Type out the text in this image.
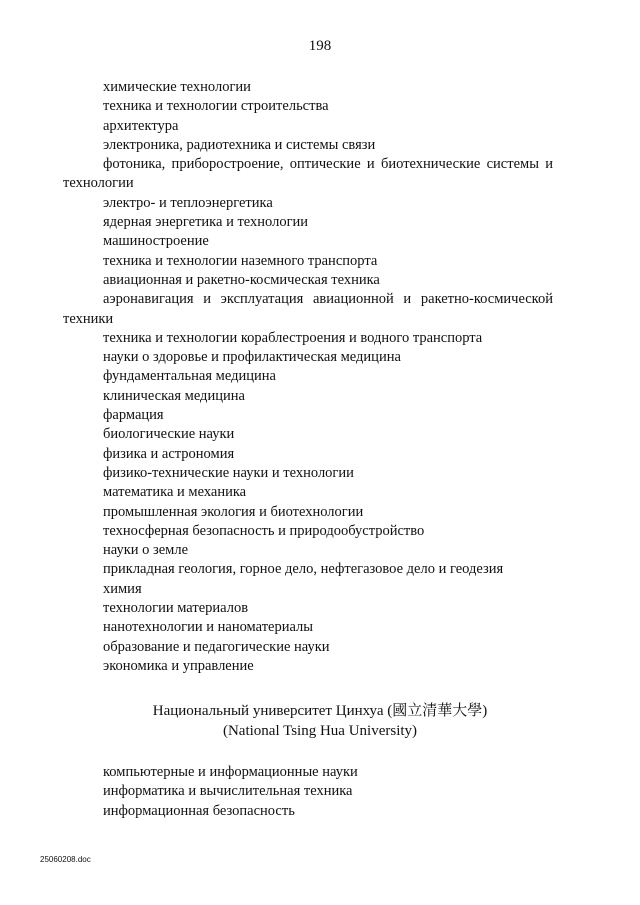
198
химические технологии
техника и технологии строительства
архитектура
электроника, радиотехника и системы связи
фотоника, приборостроение, оптические и биотехнические системы и технологии
электро- и теплоэнергетика
ядерная энергетика и технологии
машиностроение
техника и технологии наземного транспорта
авиационная и ракетно-космическая техника
аэронавигация и эксплуатация авиационной и ракетно-космической техники
техника и технологии кораблестроения и водного транспорта
науки о здоровье и профилактическая медицина
фундаментальная медицина
клиническая медицина
фармация
биологические науки
физика и астрономия
физико-технические науки и технологии
математика и механика
промышленная экология и биотехнологии
техносферная безопасность и природообустройство
науки о земле
прикладная геология, горное дело, нефтегазовое дело и геодезия
химия
технологии материалов
нанотехнологии и наноматериалы
образование и педагогические науки
экономика и управление
Национальный университет Цинхуа (國立清華大學)
(National Tsing Hua University)
компьютерные и информационные науки
информатика и вычислительная техника
информационная безопасность
25060208.doc
